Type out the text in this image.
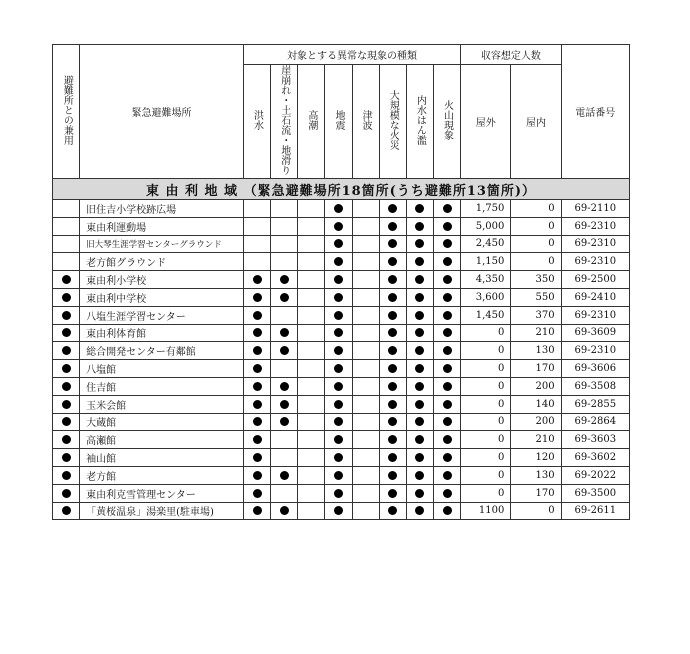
避難所との兼用	緊急避難場所	対象とする異常な現象の種類								収容想定人数		電話番号
		洪水	崖崩れ・土石流・地滑り	高潮	地震	津波	大規模な火災	内水はん濫	火山現象	屋外	屋内	
東 由 利 地 域 （緊急避難場所18箇所(うち避難所13箇所)）												
	旧住吉小学校跡広場									1,750	0	69-2110
	東由利運動場									5,000	0	69-2310
	旧大琴生涯学習センターグラウンド									2,450	0	69-2310
	老方館グラウンド									1,150	0	69-2310
	東由利小学校									4,350	350	69-2500
	東由利中学校									3,600	550	69-2410
	八塩生涯学習センター									1,450	370	69-2310
	東由利体育館									0	210	69-3609
	総合開発センター有鄰館									0	130	69-2310
	八塩館									0	170	69-3606
	住吉館									0	200	69-3508
	玉米会館									0	140	69-2855
	大蔵館									0	200	69-2864
	高瀬館									0	210	69-3603
	袖山館									0	120	69-3602
	老方館									0	130	69-2022
	東由利克雪管理センター									0	170	69-3500
	「黄桜温泉」湯楽里(駐車場)									1100	0	69-2611
